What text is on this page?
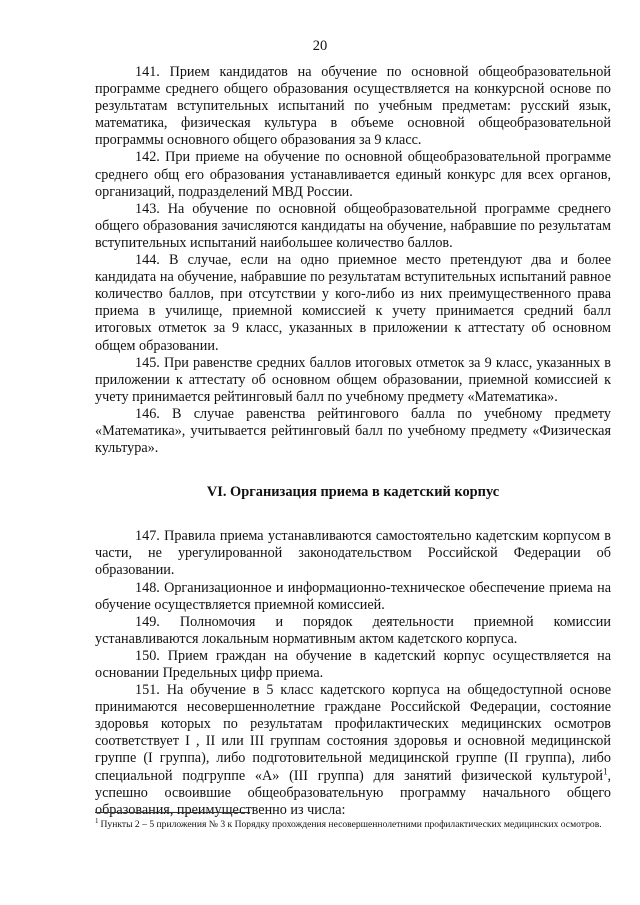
20

141. Прием кандидатов на обучение по основной общеобразовательной программе среднего общего образования осуществляется на конкурсной основе по результатам вступительных испытаний по учебным предметам: русский язык, математика, физическая культура в объеме основной общеобразовательной программы основного общего образования за 9 класс.

142. При приеме на обучение по основной общеобразовательной программе среднего общ его образования устанавливается единый конкурс для всех органов, организаций, подразделений МВД России.

143. На обучение по основной общеобразовательной программе среднего общего образования зачисляются кандидаты на обучение, набравшие по результатам вступительных испытаний наибольшее количество баллов.

144. В случае, если на одно приемное место претендуют два и более кандидата на обучение, набравшие по результатам вступительных испытаний равное количество баллов, при отсутствии у кого-либо из них преимущественного права приема в училище, приемной комиссией к учету принимается средний балл итоговых отметок за 9 класс, указанных в приложении к аттестату об основном общем образовании.

145. При равенстве средних баллов итоговых отметок за 9 класс, указанных в приложении к аттестату об основном общем образовании, приемной комиссией к учету принимается рейтинговый балл по учебному предмету «Математика».

146. В случае равенства рейтингового балла по учебному предмету «Математика», учитывается рейтинговый балл по учебному предмету «Физическая культура».

VI. Организация приема в кадетский корпус

147. Правила приема устанавливаются самостоятельно кадетским корпусом в части, не урегулированной законодательством Российской Федерации об образовании.

148. Организационное и информационно-техническое обеспечение приема на обучение осуществляется приемной комиссией.

149. Полномочия и порядок деятельности приемной комиссии устанавливаются локальным нормативным актом кадетского корпуса.

150. Прием граждан на обучение в кадетский корпус осуществляется на основании Предельных цифр приема.

151. На обучение в 5 класс кадетского корпуса на общедоступной основе принимаются несовершеннолетние граждане Российской Федерации, состояние здоровья которых по результатам профилактических медицинских осмотров соответствует I , II или III группам состояния здоровья и основной медицинской группе (I группа), либо подготовительной медицинской группе (II группа), либо специальной подгруппе «А» (III группа) для занятий физической культурой$^1$, успешно освоившие общеобразовательную программу начального общего образования, преимущественно из числа:

$^1$ Пункты 2 – 5 приложения № 3 к Порядку прохождения несовершеннолетними профилактических медицинских осмотров.
